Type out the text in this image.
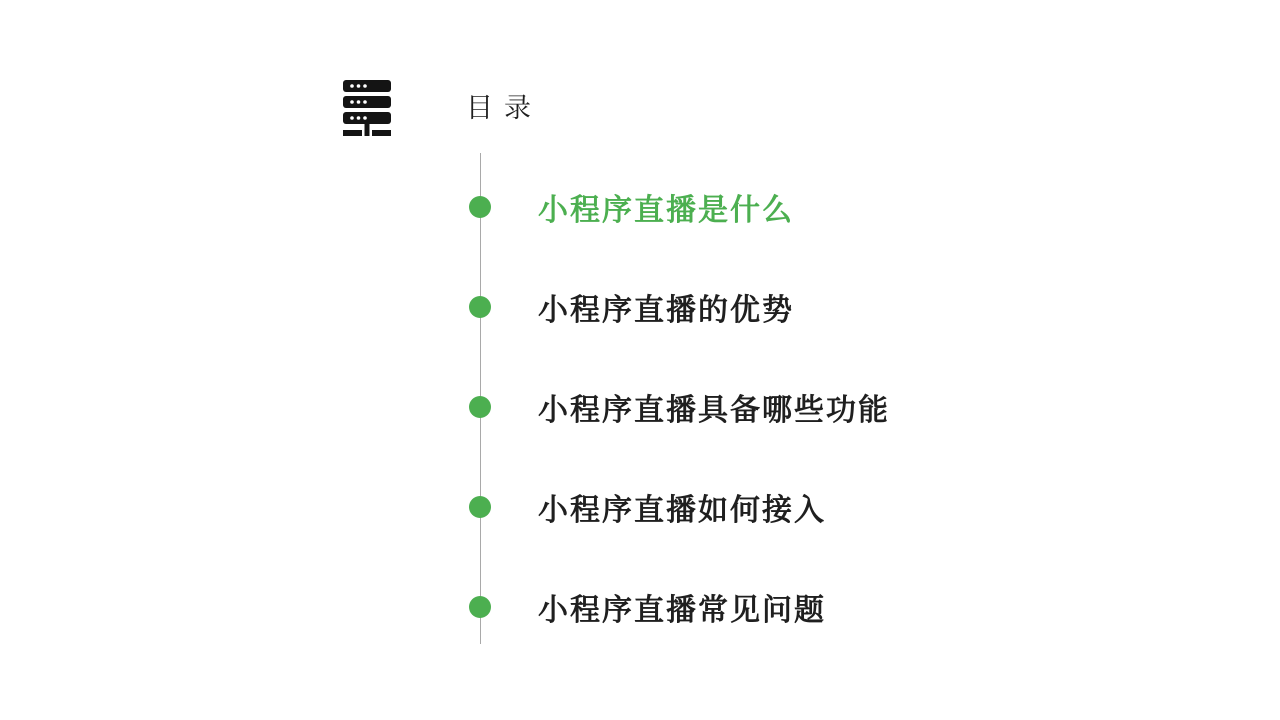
目录
小程序直播是什么
小程序直播的优势
小程序直播具备哪些功能
小程序直播如何接入
小程序直播常见问题
